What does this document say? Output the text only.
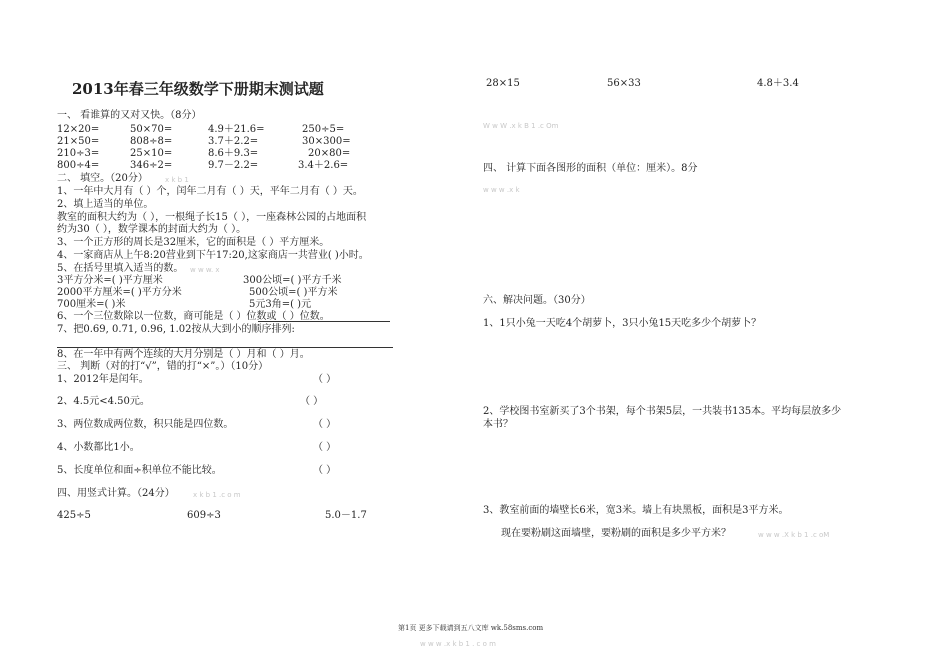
2013年春三年级数学下册期末测试题
一、 看谁算的又对又快。（8分）
12×20=	50×70=	4.9＋21.6=	250÷5=
21×50=	808÷8=	3.7＋2.2=	30×300=
210÷3=	25×10=	8.6＋9.3=	20×80=
800÷4=	346÷2=	9.7－2.2=	3.4＋2.6=
二、 填空。（20分） x k b 1
1、一年中大月有（ ）个，闰年二月有（ ）天，平年二月有（ ）天。
2、填上适当的单位。
教室的面积大约为（ ），一根绳子长15（ ），一座森林公园的占地面积
约为30（ ），数学课本的封面大约为（ ）。
3、一个正方形的周长是32厘米，它的面积是（ ）平方厘米。
4、一家商店从上午8:20营业到下午17:20,这家商店一共营业( )小时。
5、在括号里填入适当的数。 w w w. x
3平方分米=( )平方厘米	300公顷=( )平方千米
2000平方厘米=( )平方分米	500公顷=( )平方米
700厘米=( )米	5元3角=( )元
6、一个三位数除以一位数，商可能是（ ）位数或（ ）位数。
7、把0.69, 0.71, 0.96, 1.02按从大到小的顺序排列:
8、在一年中有两个连续的大月分别是（ ）月和（ ）月。
三、 判断（对的打“√”，错的打“×”。）（10分）
1、2012年是闰年。	（ ）
2、4.5元<4.50元。	（ ）
3、两位数成两位数，积只能是四位数。	（ ）
4、小数都比1小。	（ ）
5、长度单位和面÷积单位不能比较。	（ ）
四、用竖式计算。（24分）	x k b 1 .c o m
425÷5	609÷3	5.0－1.7
28×15	56×33	4.8＋3.4
W w W .x k B 1 .c Om
四、 计算下面各图形的面积（单位：厘米）。8分
w w w .x k
六、解决问题。（30分）
1、1只小兔一天吃4个胡萝卜，3只小兔15天吃多少个胡萝卜？
2、学校图书室新买了3个书架，每个书架5层，一共装书135本。平均每层放多少
本书？
3、教室前面的墙壁长6米，宽3米。墙上有块黑板，面积是3平方米。
现在要粉刷这面墙壁，要粉刷的面积是多少平方米？	w w w .X k b 1 .c oM
w w w .x k b 1 . c o m
第1页 更多下载请到五八文库 wk.58sms.com
